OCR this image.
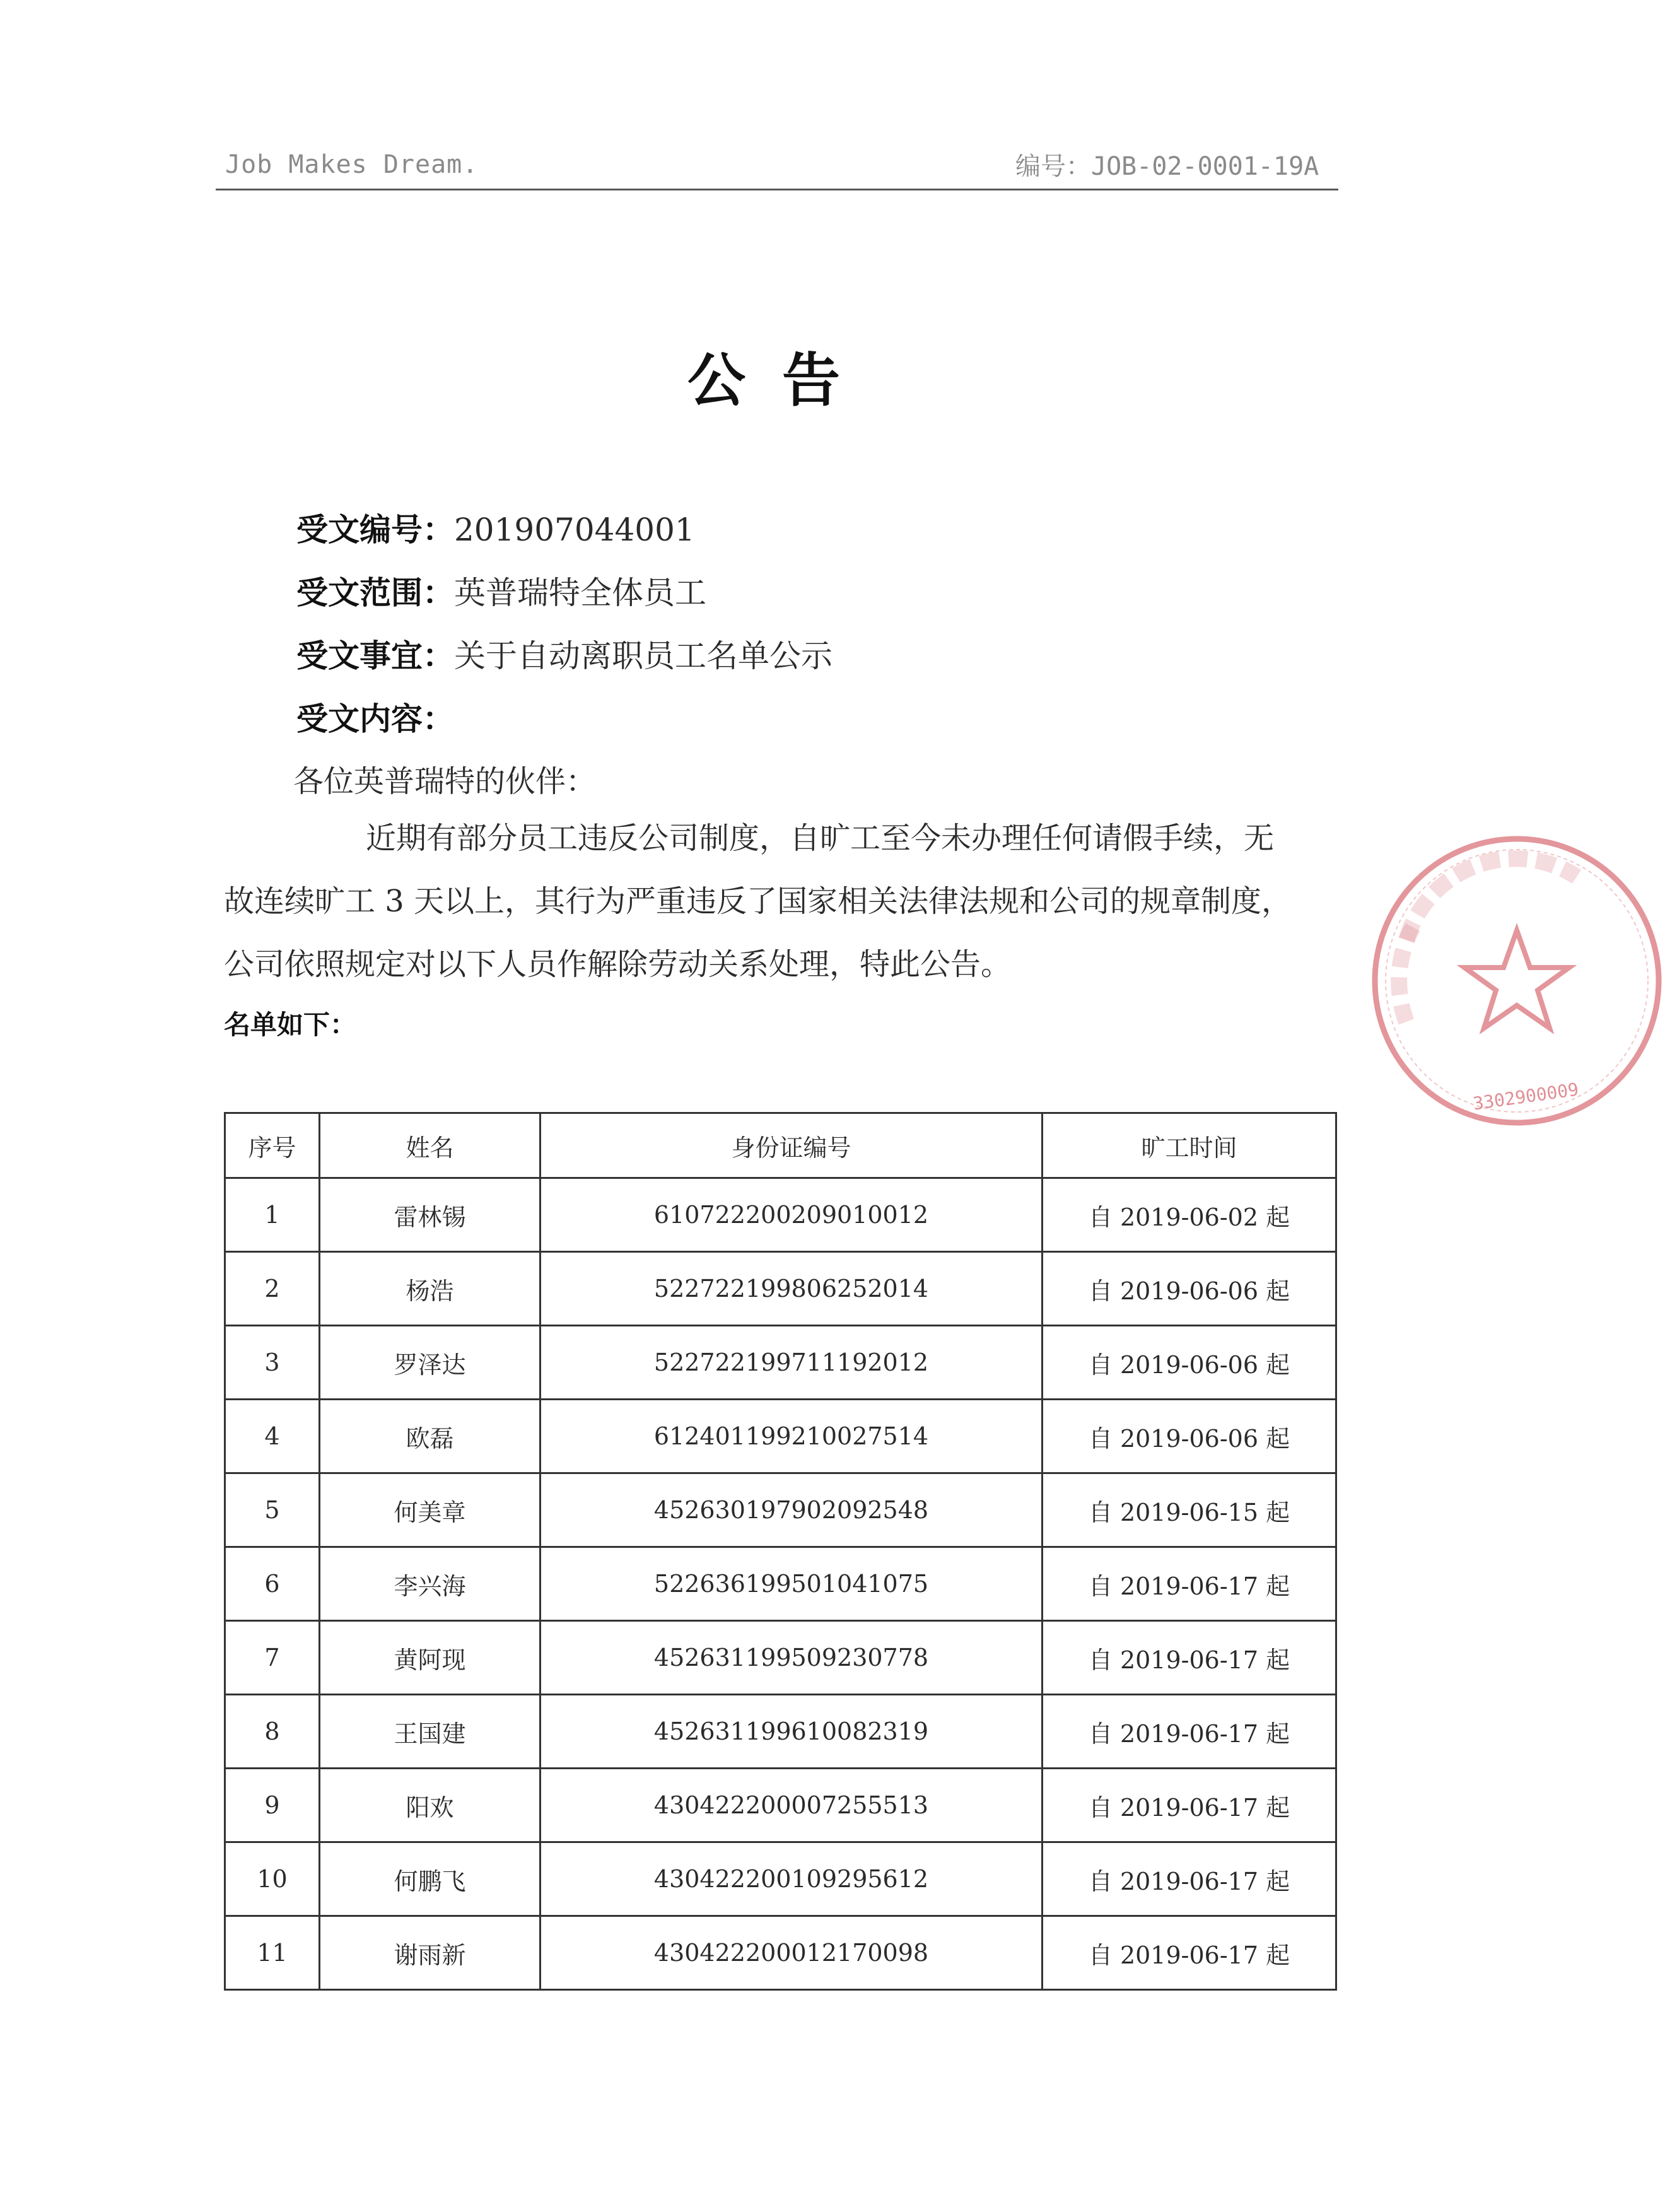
Job Makes Dream.	编号：JOB-02-0001-19A
公告
受文编号：201907044001
受文范围：英普瑞特全体员工
受文事宜：关于自动离职员工名单公示
受文内容：
各位英普瑞特的伙伴：
近期有部分员工违反公司制度，自旷工至今未办理任何请假手续，无
故连续旷工 3 天以上，其行为严重违反了国家相关法律法规和公司的规章制度，
公司依照规定对以下人员作解除劳动关系处理，特此公告。
名单如下：
序号	姓名	身份证编号	旷工时间
1	雷林锡	610722200209010012	自 2019-06-02 起
2	杨浩	522722199806252014	自 2019-06-06 起
3	罗泽达	522722199711192012	自 2019-06-06 起
4	欧磊	612401199210027514	自 2019-06-06 起
5	何美章	452630197902092548	自 2019-06-15 起
6	李兴海	522636199501041075	自 2019-06-17 起
7	黄阿现	452631199509230778	自 2019-06-17 起
8	王国建	452631199610082319	自 2019-06-17 起
9	阳欢	430422200007255513	自 2019-06-17 起
10	何鹏飞	430422200109295612	自 2019-06-17 起
11	谢雨新	430422200012170098	自 2019-06-17 起
3302900009
